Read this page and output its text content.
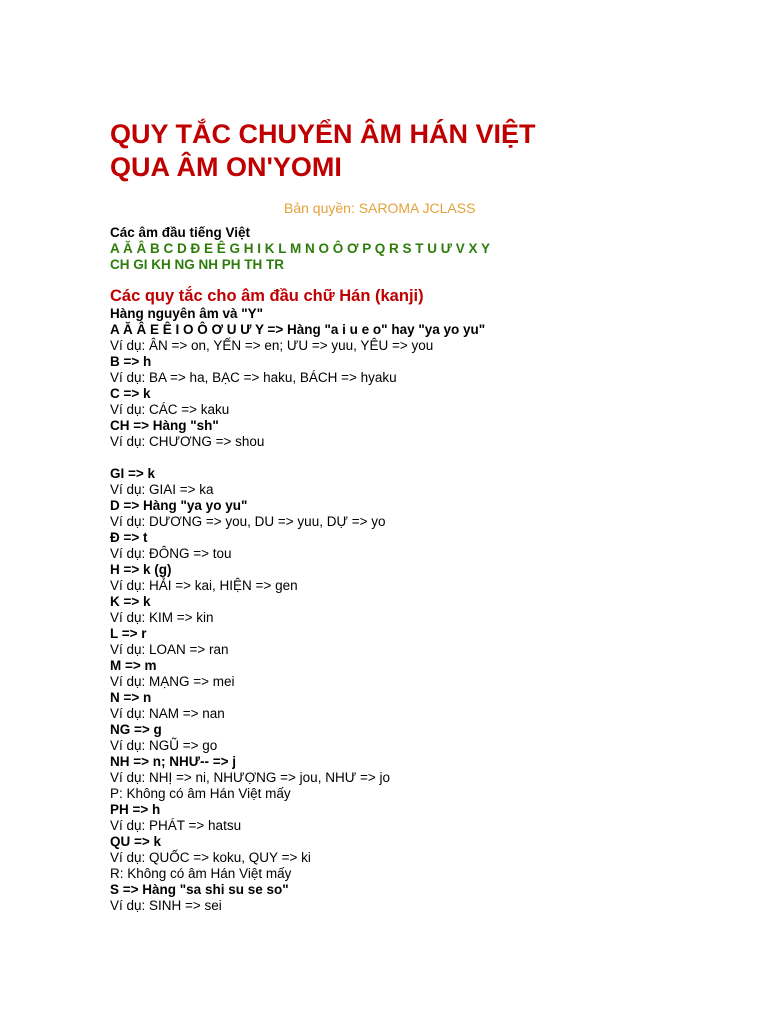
QUY TẮC CHUYỂN ÂM HÁN VIỆT
QUA ÂM ON'YOMI
Bản quyền: SAROMA JCLASS
Các âm đầu tiếng Việt
A Ă Â B C D Đ E Ê G H I K L M N O Ô Ơ P Q R S T U Ư V X Y
CH GI KH NG NH PH TH TR
Các quy tắc cho âm đầu chữ Hán (kanji)
Hàng nguyên âm và "Y"
A Ă Â E Ê I O Ô Ơ U Ư Y => Hàng "a i u e o" hay "ya yo yu"
Ví dụ: ÂN => on, YẾN => en; ƯU => yuu, YÊU => you
B => h
Ví dụ: BA => ha, BẠC => haku, BÁCH => hyaku
C => k
Ví dụ: CÁC => kaku
CH => Hàng "sh"
Ví dụ: CHƯƠNG => shou
GI => k
Ví dụ: GIAI => ka
D => Hàng "ya yo yu"
Ví dụ: DƯƠNG => you, DU => yuu, DỰ => yo
Đ => t
Ví dụ: ĐÔNG => tou
H => k (g)
Ví dụ: HẢI => kai, HIỆN => gen
K => k
Ví dụ: KIM => kin
L => r
Ví dụ: LOAN => ran
M => m
Ví dụ: MẠNG => mei
N => n
Ví dụ: NAM => nan
NG => g
Ví dụ: NGŨ => go
NH => n; NHƯ-- => j
Ví dụ: NHỊ => ni, NHƯỢNG => jou, NHƯ => jo
P: Không có âm Hán Việt mấy
PH => h
Ví dụ: PHÁT => hatsu
QU => k
Ví dụ: QUỐC => koku, QUY => ki
R: Không có âm Hán Việt mấy
S => Hàng "sa shi su se so"
Ví dụ: SINH => sei
